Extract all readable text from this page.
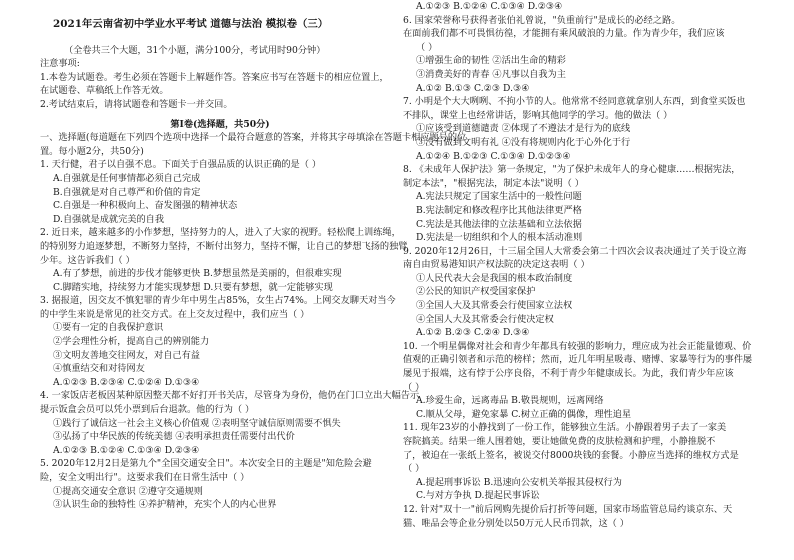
2021年云南省初中学业水平考试 道德与法治 模拟卷（三）
（全卷共三个大题，31个小题，满分100分，考试用时90分钟）
注意事项:
1.本卷为试题卷。考生必须在答题卡上解题作答。答案应书写在答题卡的相应位置上，
在试题卷、草稿纸上作答无效。
2.考试结束后，请将试题卷和答题卡一并交回。
第Ⅰ卷(选择题，共50分)
一、选择题(每道题在下列四个选项中选择一个最符合题意的答案，并将其字母填涂在答题卡相应题号的位
置。每小题2分，共50分)
1. 天行健，君子以自强不息。下面关于自强品质的认识正确的是（ ）
A.自强就是任何事情都必须自己完成
B.自强就是对自己尊严和价值的肯定
C.自强是一种积极向上、奋发图强的精神状态
D.自强就是成就完美的自我
2. 近日来，越来越多的小作梦想，坚持努力的人，进入了大家的视野。轻松爬上训练绳，
的特别努力追逐梦想，不断努力坚持，不断付出努力，坚持不懈，让自己的梦想飞扬的独臂
少年。这告诉我们（ ）
A.有了梦想，前进的步伐才能够更快 B.梦想虽然是美丽的，但很难实现
C.脚踏实地，持续努力才能实现梦想 D.只要有梦想，就一定能够实现
3. 据报道，因交友不慎犯罪的青少年中男生占85%，女生占74%。上网交友聊天对当今
的中学生来说是常见的社交方式。在上交友过程中，我们应当（ ）
①要有一定的自我保护意识
②学会理性分析，提高自己的辨别能力
③文明友善地交往网友，对自己有益
④慎重结交和对待网友
A.①②③ B.②③④ C.①②④ D.①③④
4. 一家饭店老板因某种原因整天都不好打开书关店，尽管身为身份，他仍在门口立出大幅告示
提示饭盒会员可以凭小票到后台退款。他的行为（ ）
①践行了诚信这一社会主义核心价值观 ②表明坚守诚信原则需要不惧失
③弘扬了中华民族的传统美德 ④表明承担责任需要付出代价
A.①②③ B.①②④ C.①③④ D.②③④
5. 2020年12月2日是第九个"全国交通安全日"。本次安全日的主题是"知危险会避
险，安全文明出行"。这要求我们在日常生活中（ ）
①提高交通安全意识 ②遵守交通规则
③认识生命的独特性 ④养护精神，充实个人的内心世界
A.①②③ B.①②④ C.①③④ D.②③④
6. 国家荣誉称号获得者张伯礼曾说，"负重前行"是成长的必经之路。
在面前我们都不可畏惧彷徨，才能拥有乘风破浪的力量。作为青少年，我们应该
（ ）
①增强生命的韧性 ②活出生命的精彩
③消费美好的青春 ④凡事以自我为主
A.①② B.①③ C.②③ D.③④
7. 小明是个大大咧咧、不拘小节的人。他常常不经同意就拿别人东西，到食堂买饭也
不排队，课堂上也经常讲话，影响其他同学的学习。他的做法（ ）
①应该受到道德谴责 ②体现了不遵法才是行为的底线
③没有做到文明有礼 ④没有将规则内化于心外化于行
A.①②④ B.①②③ C.①③④ D.①②③④
8. 《未成年人保护法》第一条规定，"为了保护未成年人的身心健康……根据宪法，
制定本法"，"根据宪法，制定本法"说明（ ）
A.宪法只规定了国家生活中的一般性问题
B.宪法制定和修改程序比其他法律更严格
C.宪法是其他法律的立法基础和立法依据
D.宪法是一切组织和个人的根本活动准则
9. 2020年12月26日，十三届全国人大常委会第二十四次会议表决通过了关于设立海
南自由贸易港知识产权法院的决定这表明（ ）
①人民代表大会是我国的根本政治制度
②公民的知识产权受国家保护
③全国人大及其常委会行使国家立法权
④全国人大及其常委会行使决定权
A.①② B.②③ C.②④ D.③④
10. 一个明星偶像对社会和青少年都具有较强的影响力，理应成为社会正能量德观、价
值观的正确引领者和示范的榜样；然而，近几年明星吸毒、赌博、家暴等行为的事件屡
屡见于报端，这有悖于公序良俗，不利于青少年健康成长。为此，我们青少年应该
（ ）
A.珍爱生命，远离毒品 B.敬畏规则，远离网络
C.顺从父母，避免家暴 C.树立正确的偶像，理性追星
11. 现年23岁的小静找到了一份工作，能够独立生活。小静跟着男子去了一家美
容院搞美。结果一维人围着她，要让她做免费的皮肤检测和护理，小静推脱不
了，被迫在一张纸上签名，被说交付8000块钱的套餐。小静应当选择的维权方式是
（ ）
A.提起刑事诉讼 B.迅速向公安机关举报其侵权行为
C.与对方争执 D.提起民事诉讼
12. 针对"双十一"前后网购先提价后打折等问题，国家市场监管总局约谈京东、天
猫、唯品会等企业分别处以50万元人民币罚款，这（ ）
